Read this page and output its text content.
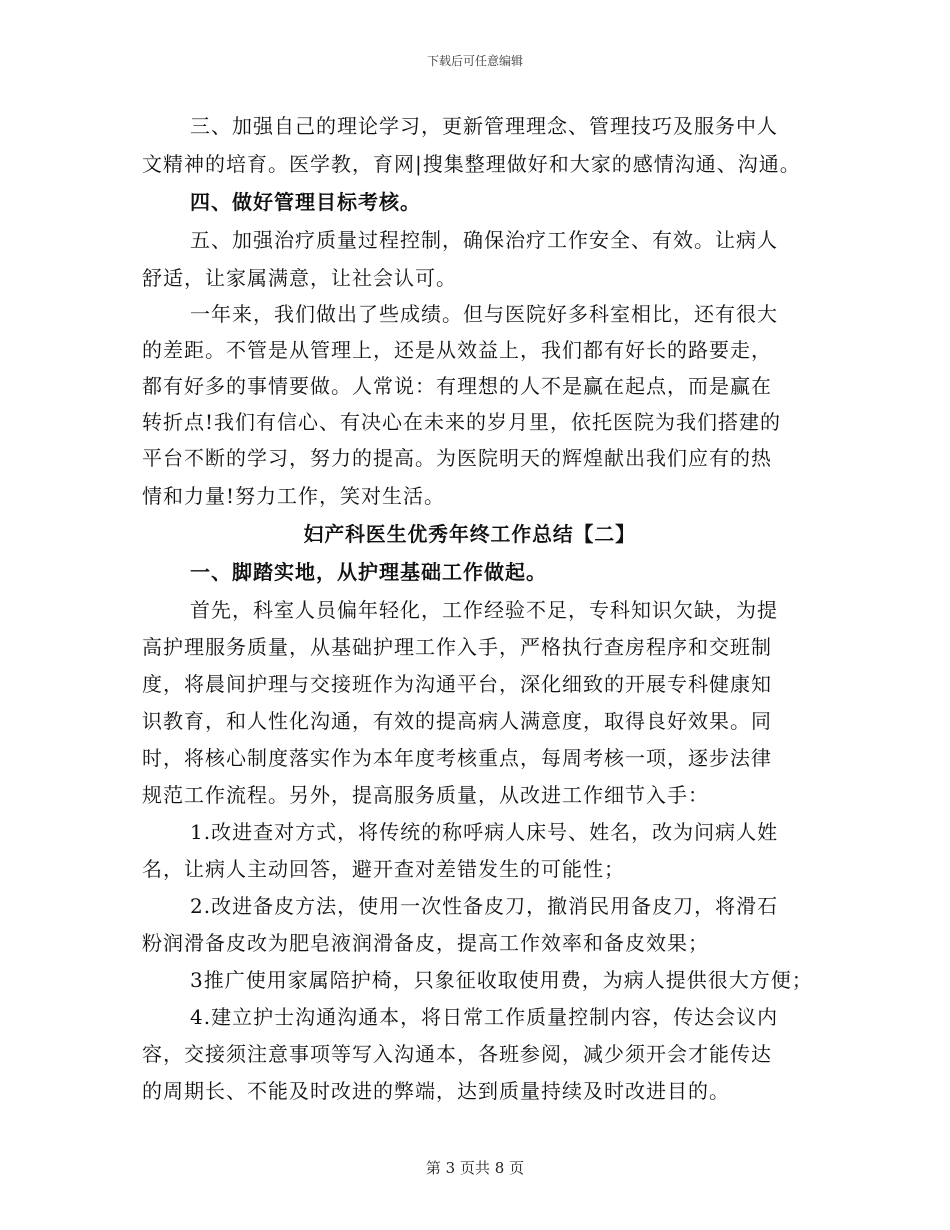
下载后可任意编辑
三、加强自己的理论学习，更新管理理念、管理技巧及服务中人
文精神的培育。医学教，育网|搜集整理做好和大家的感情沟通、沟通。
四、做好管理目标考核。
五、加强治疗质量过程控制，确保治疗工作安全、有效。让病人
舒适，让家属满意，让社会认可。
一年来，我们做出了些成绩。但与医院好多科室相比，还有很大
的差距。不管是从管理上，还是从效益上，我们都有好长的路要走，
都有好多的事情要做。人常说：有理想的人不是赢在起点，而是赢在
转折点!我们有信心、有决心在未来的岁月里，依托医院为我们搭建的
平台不断的学习，努力的提高。为医院明天的辉煌献出我们应有的热
情和力量!努力工作，笑对生活。
妇产科医生优秀年终工作总结【二】
一、脚踏实地，从护理基础工作做起。
首先，科室人员偏年轻化，工作经验不足，专科知识欠缺，为提
高护理服务质量，从基础护理工作入手，严格执行查房程序和交班制
度，将晨间护理与交接班作为沟通平台，深化细致的开展专科健康知
识教育，和人性化沟通，有效的提高病人满意度，取得良好效果。同
时，将核心制度落实作为本年度考核重点，每周考核一项，逐步法律
规范工作流程。另外，提高服务质量，从改进工作细节入手：
1.改进查对方式，将传统的称呼病人床号、姓名，改为问病人姓
名，让病人主动回答，避开查对差错发生的可能性；
2.改进备皮方法，使用一次性备皮刀，撤消民用备皮刀，将滑石
粉润滑备皮改为肥皂液润滑备皮，提高工作效率和备皮效果；
3推广使用家属陪护椅，只象征收取使用费，为病人提供很大方便；
4.建立护士沟通沟通本，将日常工作质量控制内容，传达会议内
容，交接须注意事项等写入沟通本，各班参阅，减少须开会才能传达
的周期长、不能及时改进的弊端，达到质量持续及时改进目的。
第 3 页共 8 页
